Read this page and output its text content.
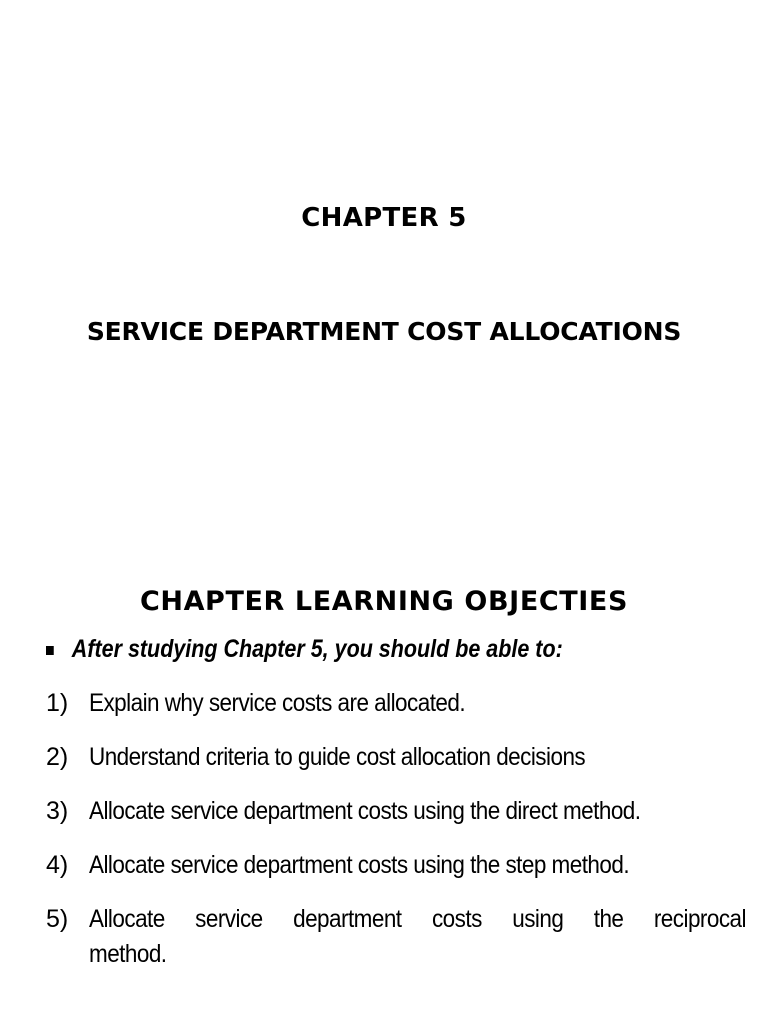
CHAPTER 5
SERVICE DEPARTMENT COST ALLOCATIONS
CHAPTER LEARNING OBJECTIES
After studying Chapter 5, you should be able to:
1) Explain why service costs are allocated.
2) Understand criteria to guide cost allocation decisions
3) Allocate service department costs using the direct method.
4) Allocate service department costs using the step method.
5) Allocate service department costs using the reciprocal method.
